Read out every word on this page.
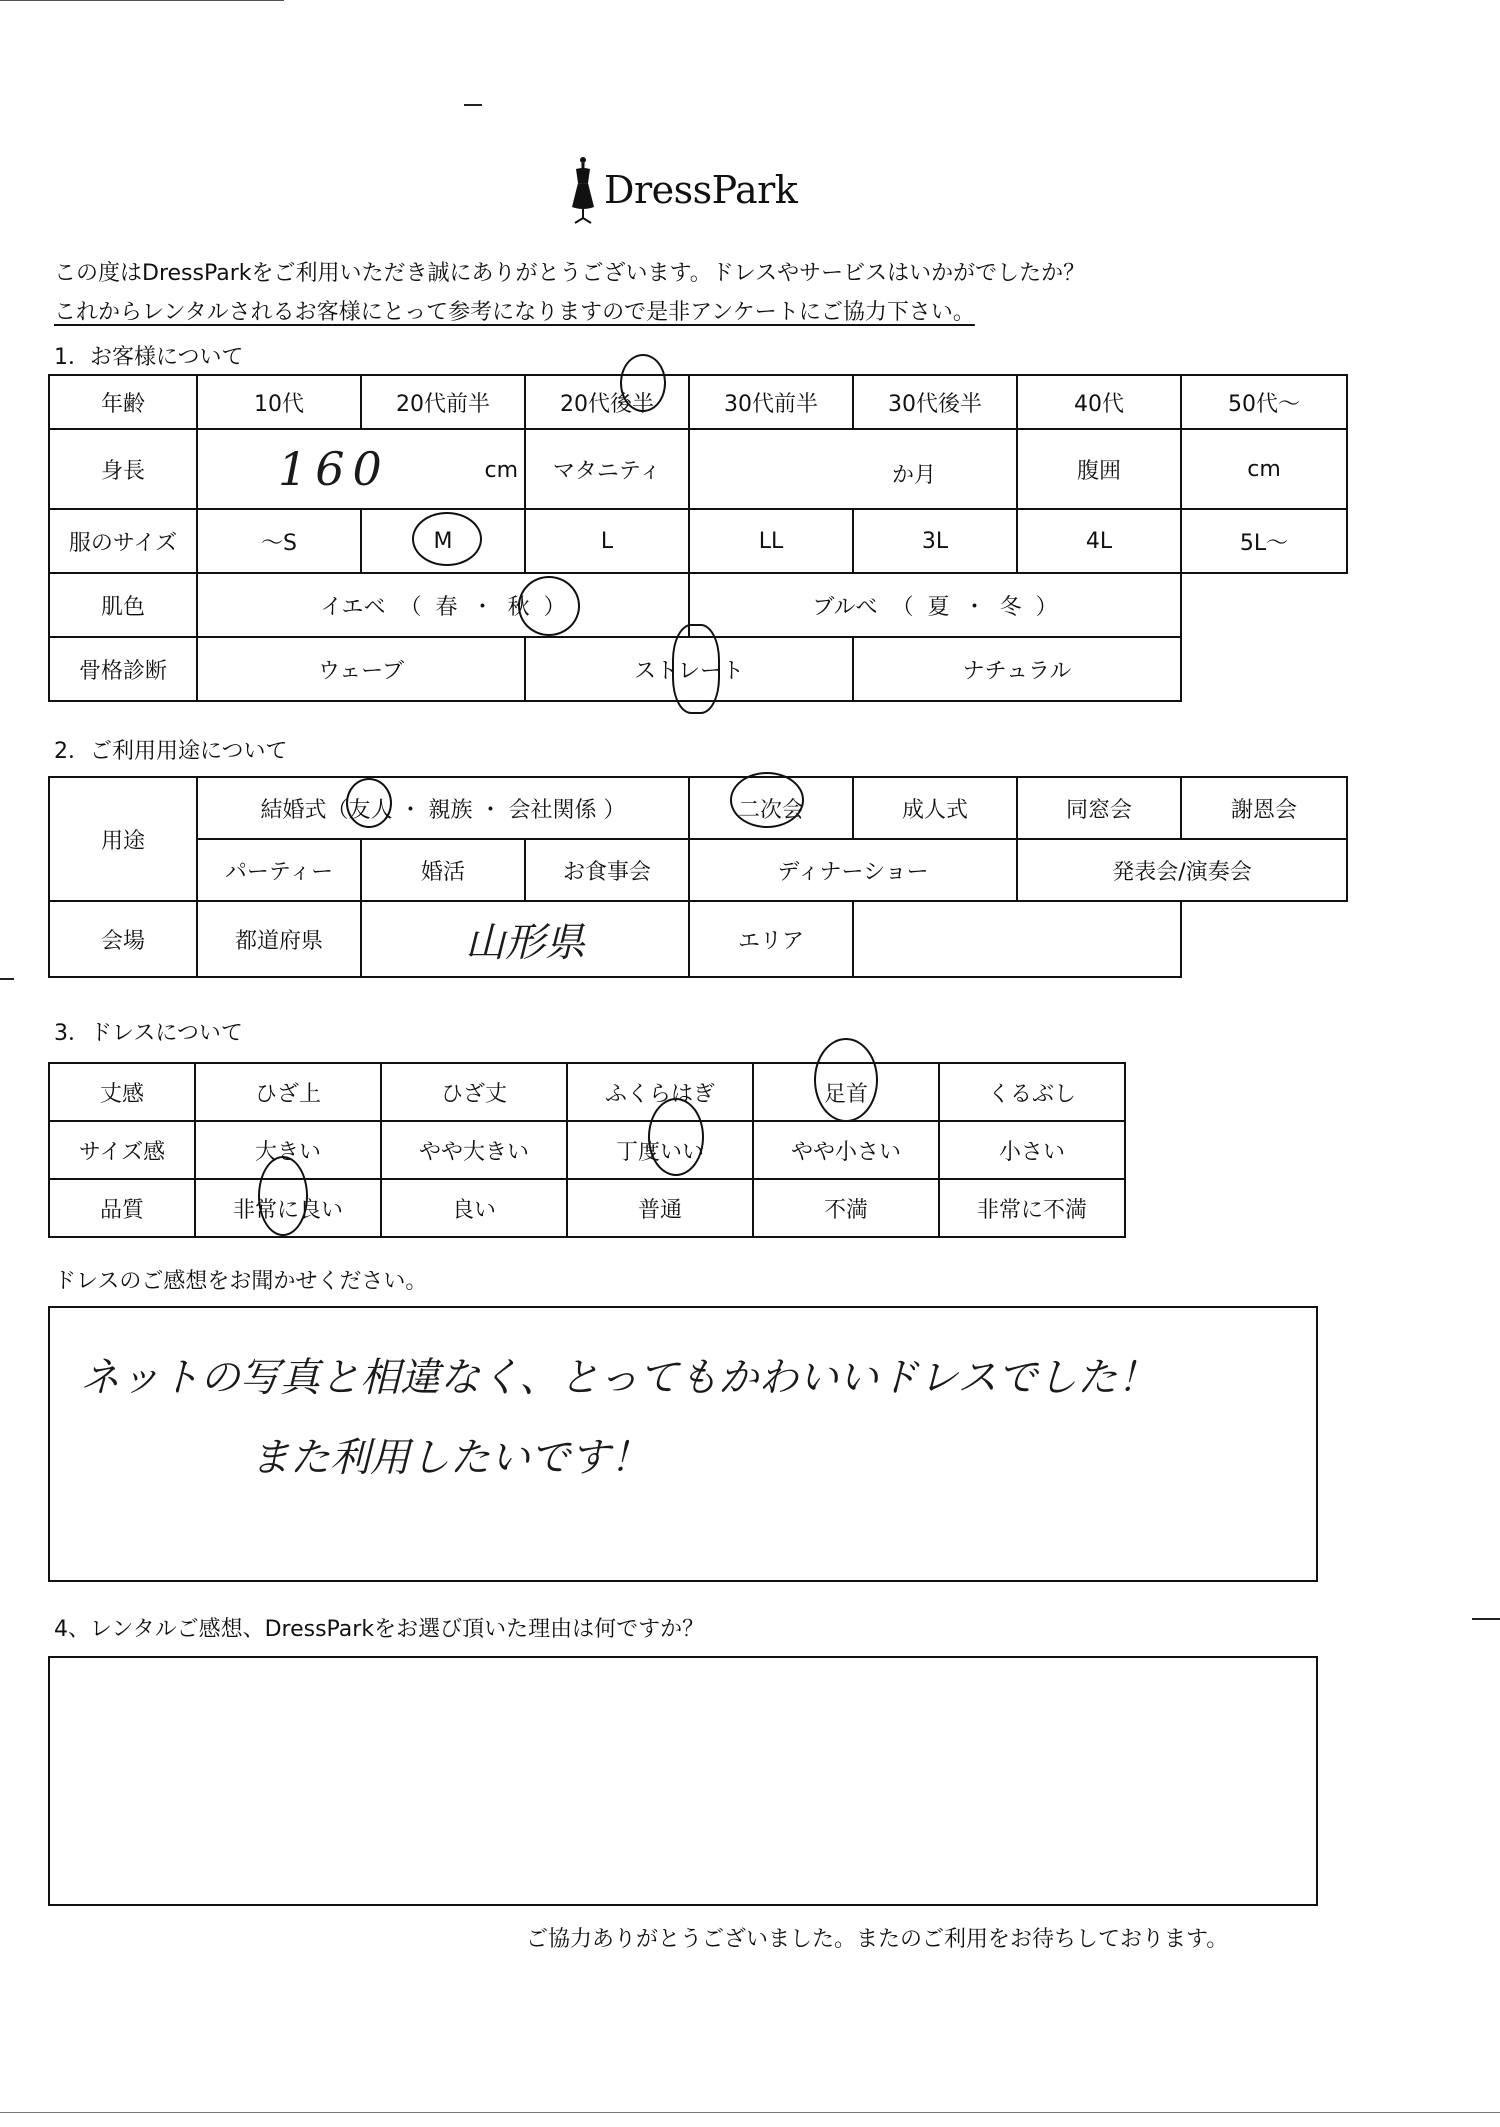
DressPark
この度はDressParkをご利用いただき誠にありがとうございます。ドレスやサービスはいかがでしたか？
これからレンタルされるお客様にとって参考になりますので是非アンケートにご協力下さい。
1．お客様について
年齢	10代	20代前半	20代後半	30代前半	30代後半	40代	50代～
身長	160 cm		マタニティ	か月		腹囲	cm
服のサイズ	～S	M	L	LL	3L	4L	5L～
肌色	イエベ （ 春 ・ 秋 ）			ブルべ （ 夏 ・ 冬 ）			
骨格診断	ウェーブ		ストレート		ナチュラル		
2．ご利用用途について
用途	結婚式（友人 ・ 親族 ・ 会社関係 ）			二次会	成人式	同窓会	謝恩会
	パーティー	婚活	お食事会	ディナーショー		発表会/演奏会	
会場	都道府県	山形県		エリア			
3．ドレスについて
丈感	ひざ上	ひざ丈	ふくらはぎ	足首	くるぶし
サイズ感	大きい	やや大きい	丁度いい	やや小さい	小さい
品質	非常に良い	良い	普通	不満	非常に不満
ドレスのご感想をお聞かせください。
ネットの写真と相違なく、とってもかわいいドレスでした！
また利用したいです！
4、レンタルご感想、DressParkをお選び頂いた理由は何ですか？
ご協力ありがとうございました。またのご利用をお待ちしております。
